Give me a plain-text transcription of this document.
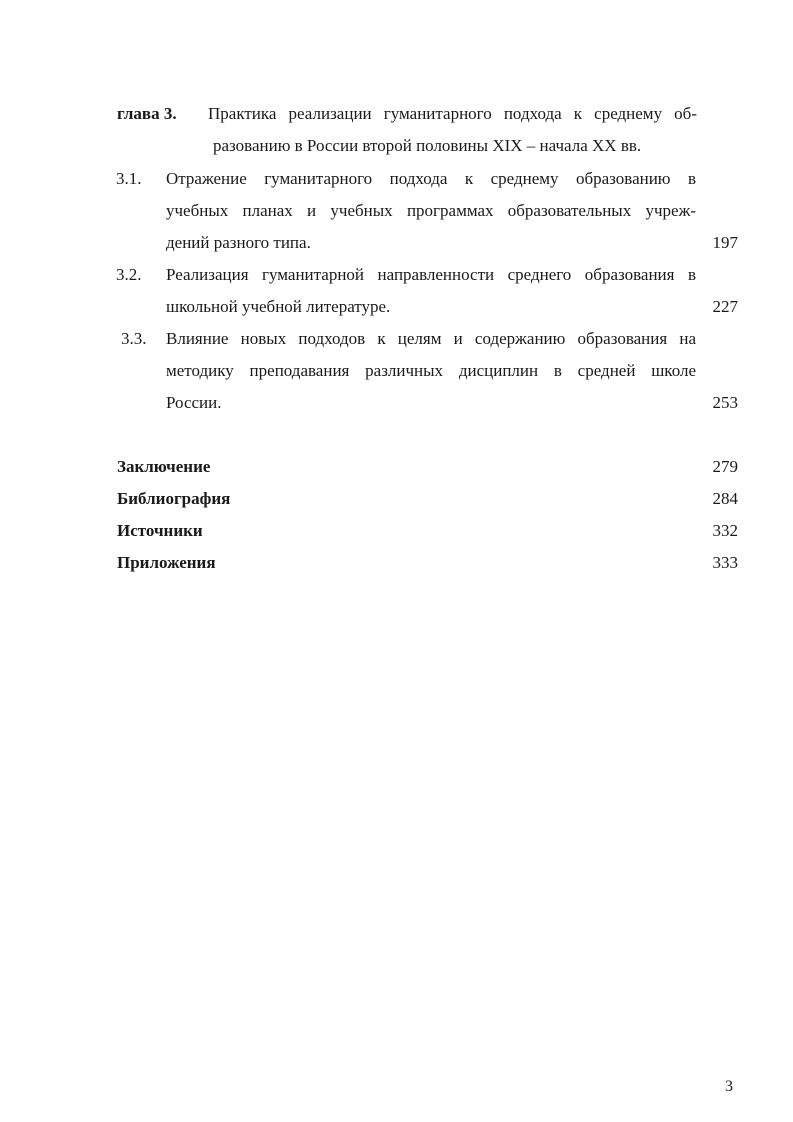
глава 3. Практика реализации гуманитарного подхода к среднему об-
разованию в России второй половины XIX – начала XX вв.
3.1. Отражение гуманитарного подхода к среднему образованию в
учебных планах и учебных программах образовательных учреж-
дений разного типа.	197
3.2. Реализация гуманитарной направленности среднего образования в
школьной учебной литературе.	227
3.3. Влияние новых подходов к целям и содержанию образования на
методику преподавания различных дисциплин в средней школе
России.	253
Заключение	279
Библиография	284
Источники	332
Приложения	333
3
